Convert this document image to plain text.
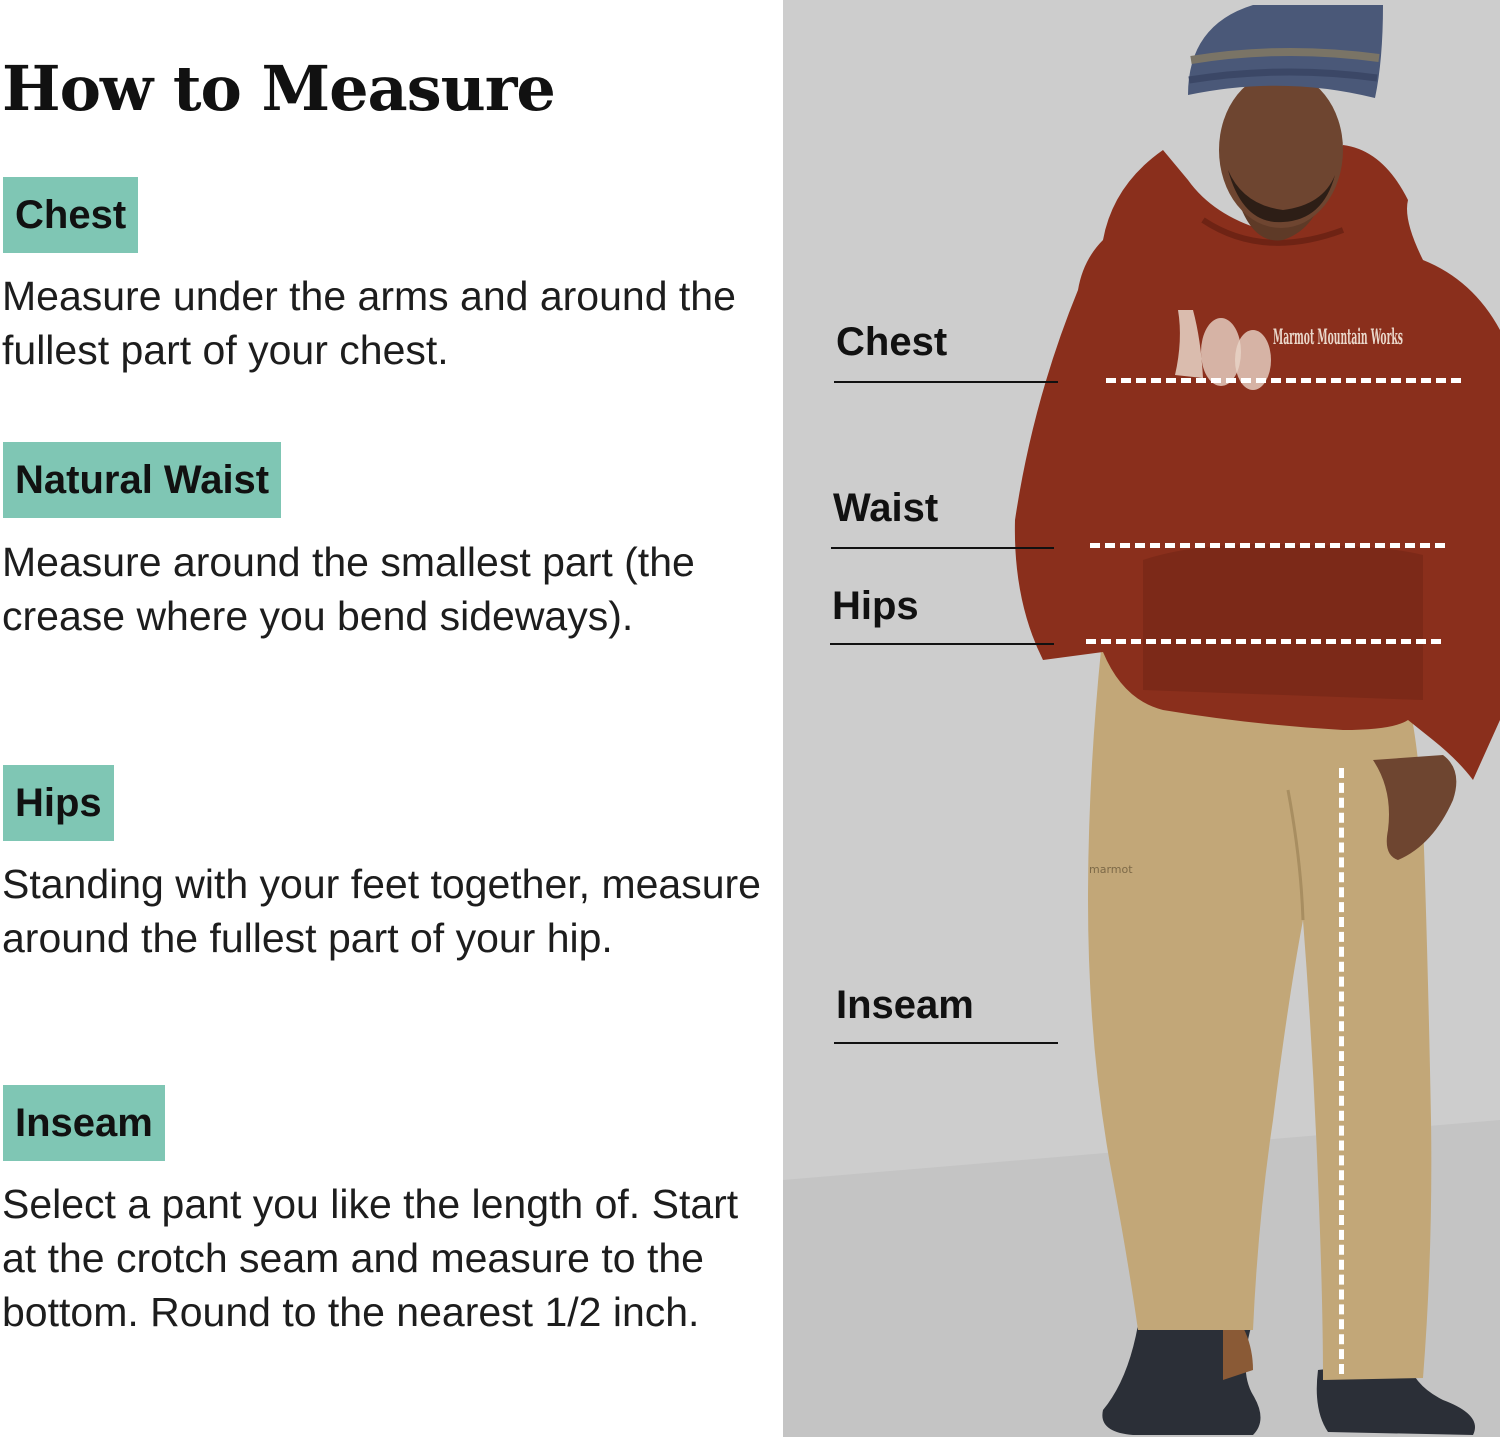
How to Measure
Chest

Measure under the arms and around the fullest part of your chest.

Natural Waist

Measure around the smallest part (the crease where you bend sideways).

Hips

Standing with your feet together, measure around the fullest part of your hip.

Inseam

Select a pant you like the length of. Start at the crotch seam and measure to the bottom. Round to the nearest 1/2 inch.

marmot
Marmot Mountain Works
Chest
Waist
Hips
Inseam
